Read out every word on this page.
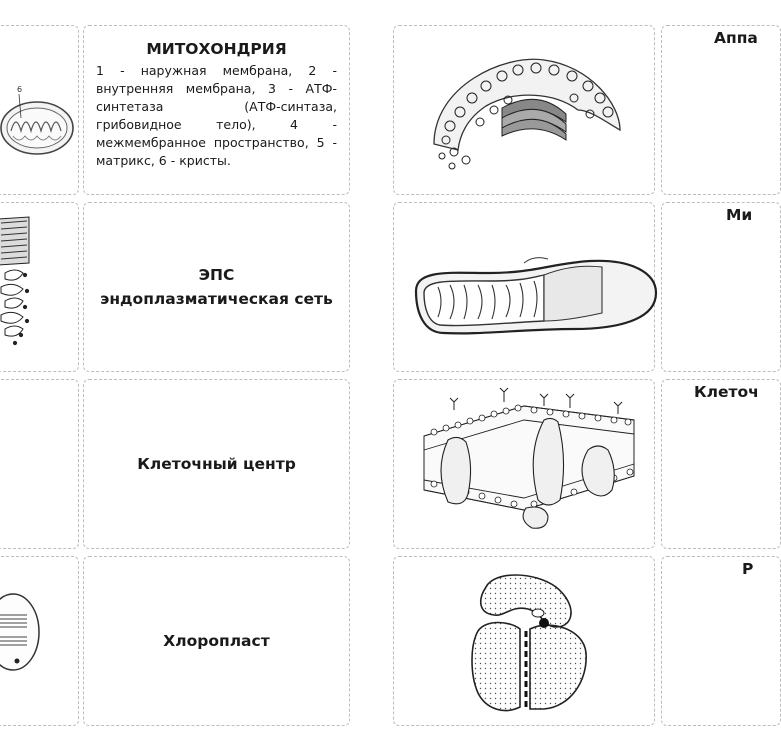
6
МИТОХОНДРИЯ
1 - наружная мембрана, 2 - внутренняя мембрана, 3 - АТФ-синтетаза (АТФ-синтаза, грибовидное тело), 4 - межмембранное пространство, 5 - матрикс, 6 - кристы.
ЭПС
эндоплазматическая сеть
Клеточный центр
Хлоропласт
Аппа
Ми
Клеточ
Р
